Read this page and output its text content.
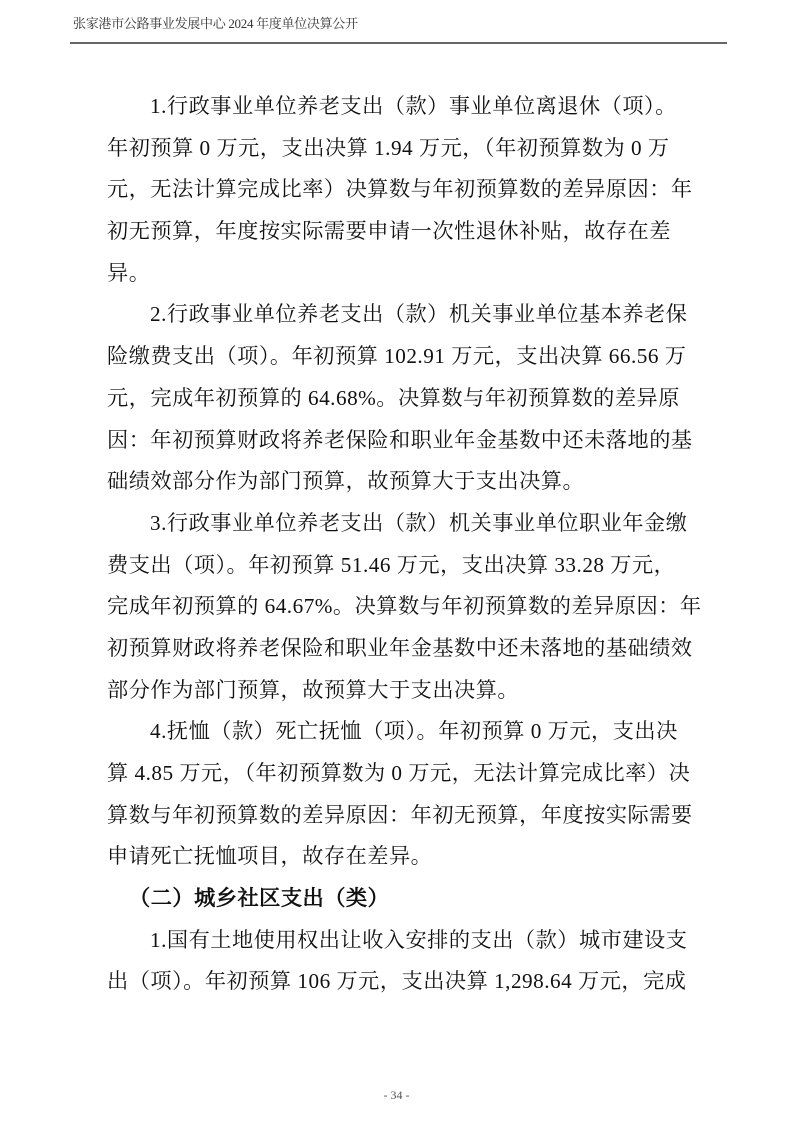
张家港市公路事业发展中心 2024 年度单位决算公开
1.行政事业单位养老支出（款）事业单位离退休（项）。
年初预算 0 万元，支出决算 1.94 万元，（年初预算数为 0 万
元，无法计算完成比率）决算数与年初预算数的差异原因：年
初无预算，年度按实际需要申请一次性退休补贴，故存在差
异。
2.行政事业单位养老支出（款）机关事业单位基本养老保
险缴费支出（项）。年初预算 102.91 万元，支出决算 66.56 万
元，完成年初预算的 64.68%。决算数与年初预算数的差异原
因：年初预算财政将养老保险和职业年金基数中还未落地的基
础绩效部分作为部门预算，故预算大于支出决算。
3.行政事业单位养老支出（款）机关事业单位职业年金缴
费支出（项）。年初预算 51.46 万元，支出决算 33.28 万元，
完成年初预算的 64.67%。决算数与年初预算数的差异原因：年
初预算财政将养老保险和职业年金基数中还未落地的基础绩效
部分作为部门预算，故预算大于支出决算。
4.抚恤（款）死亡抚恤（项）。年初预算 0 万元，支出决
算 4.85 万元，（年初预算数为 0 万元，无法计算完成比率）决
算数与年初预算数的差异原因：年初无预算，年度按实际需要
申请死亡抚恤项目，故存在差异。
（二）城乡社区支出（类）
1.国有土地使用权出让收入安排的支出（款）城市建设支
出（项）。年初预算 106 万元，支出决算 1,298.64 万元，完成
- 34 -
